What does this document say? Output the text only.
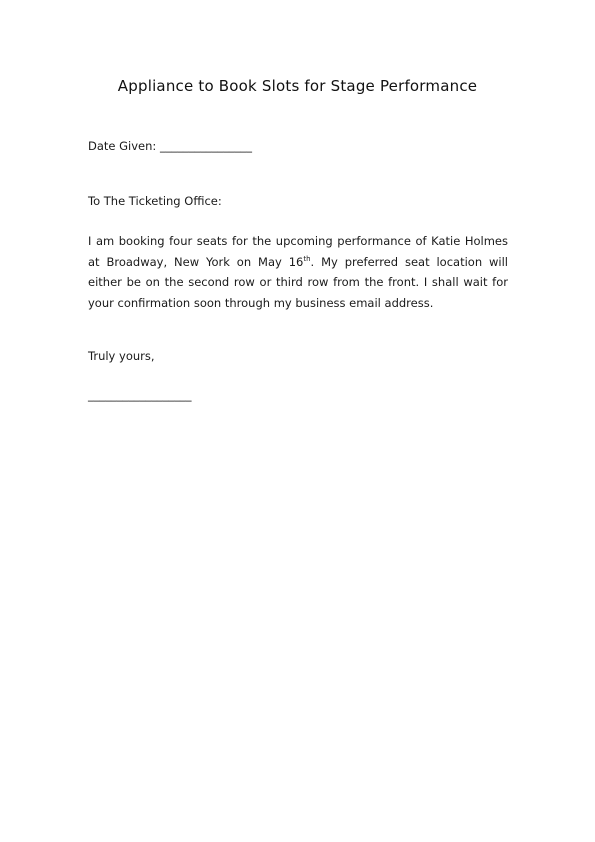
Appliance to Book Slots for Stage Performance
Date Given: ________________
To The Ticketing Office:
I am booking four seats for the upcoming performance of Katie Holmes
at Broadway, New York on May 16th. My preferred seat location will
either be on the second row or third row from the front. I shall wait for
your confirmation soon through my business email address.
Truly yours,
__________________
